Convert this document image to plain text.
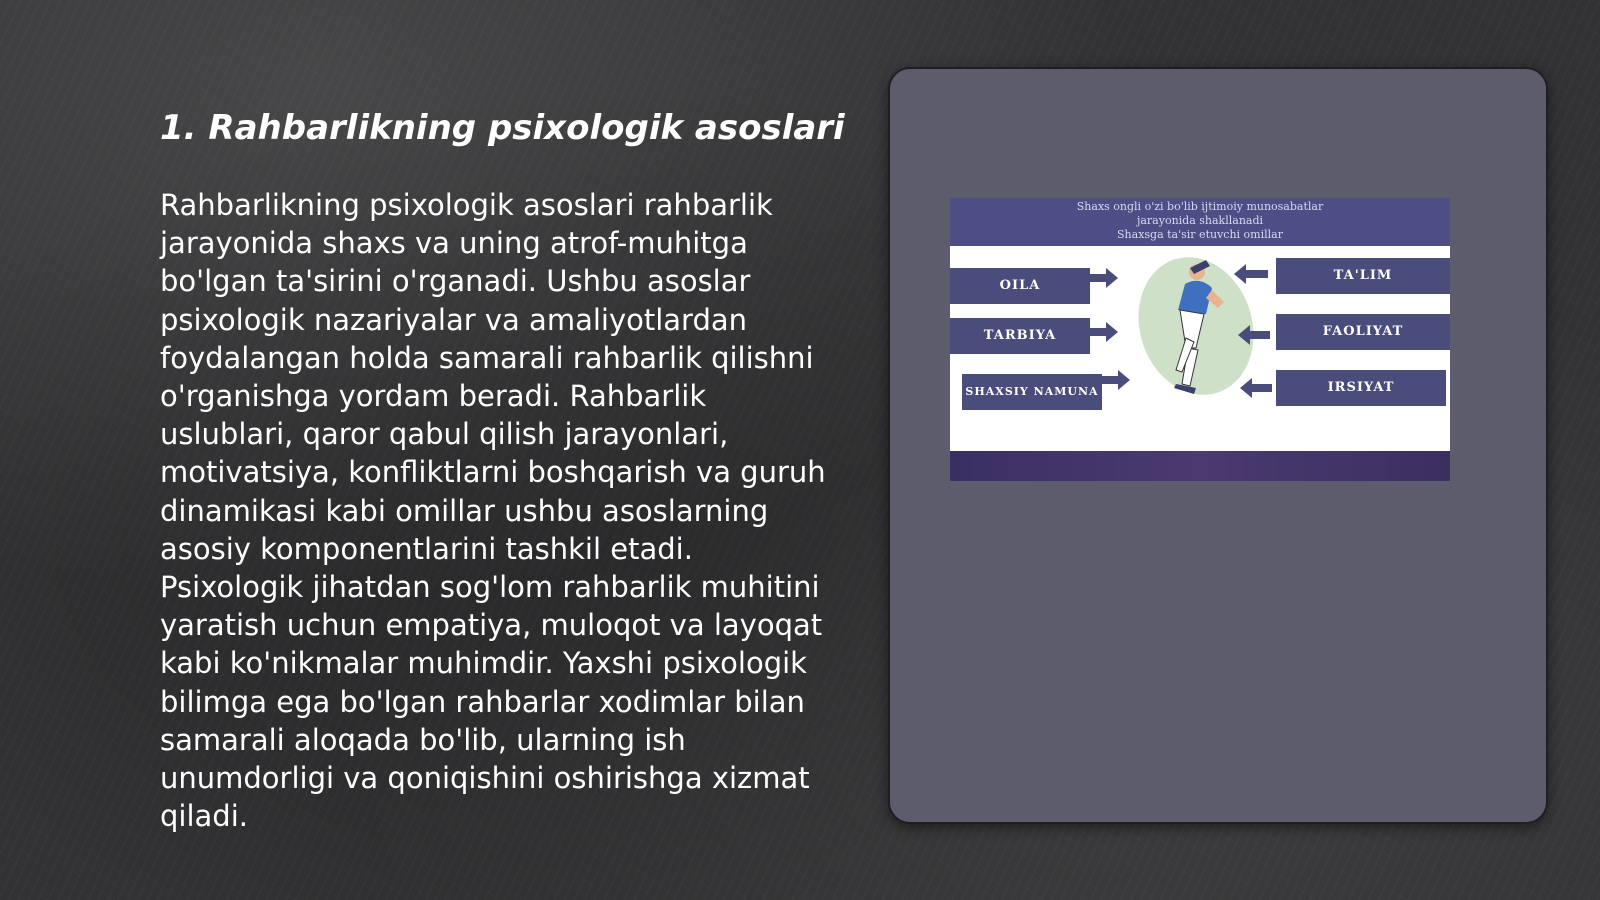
1. Rahbarlikning psixologik asoslari

Rahbarlikning psixologik asoslari rahbarlik jarayonida shaxs va uning atrof-muhitga bo'lgan ta'sirini o'rganadi. Ushbu asoslar psixologik nazariyalar va amaliyotlardan foydalangan holda samarali rahbarlik qilishni o'rganishga yordam beradi. Rahbarlik uslublari, qaror qabul qilish jarayonlari, motivatsiya, konfliktlarni boshqarish va guruh dinamikasi kabi omillar ushbu asoslarning asosiy komponentlarini tashkil etadi. Psixologik jihatdan sog'lom rahbarlik muhitini yaratish uchun empatiya, muloqot va layoqat kabi ko'nikmalar muhimdir. Yaxshi psixologik bilimga ega bo'lgan rahbarlar xodimlar bilan samarali aloqada bo'lib, ularning ish unumdorligi va qoniqishini oshirishga xizmat qiladi.

Shaxs ongli o'zi bo'lib ijtimoiy munosabatlar
jarayonida shakllanadi
Shaxsga ta'sir etuvchi omillar
OILA
TARBIYA
SHAXSIY NAMUNA
TA'LIM
FAOLIYAT
IRSIYAT
